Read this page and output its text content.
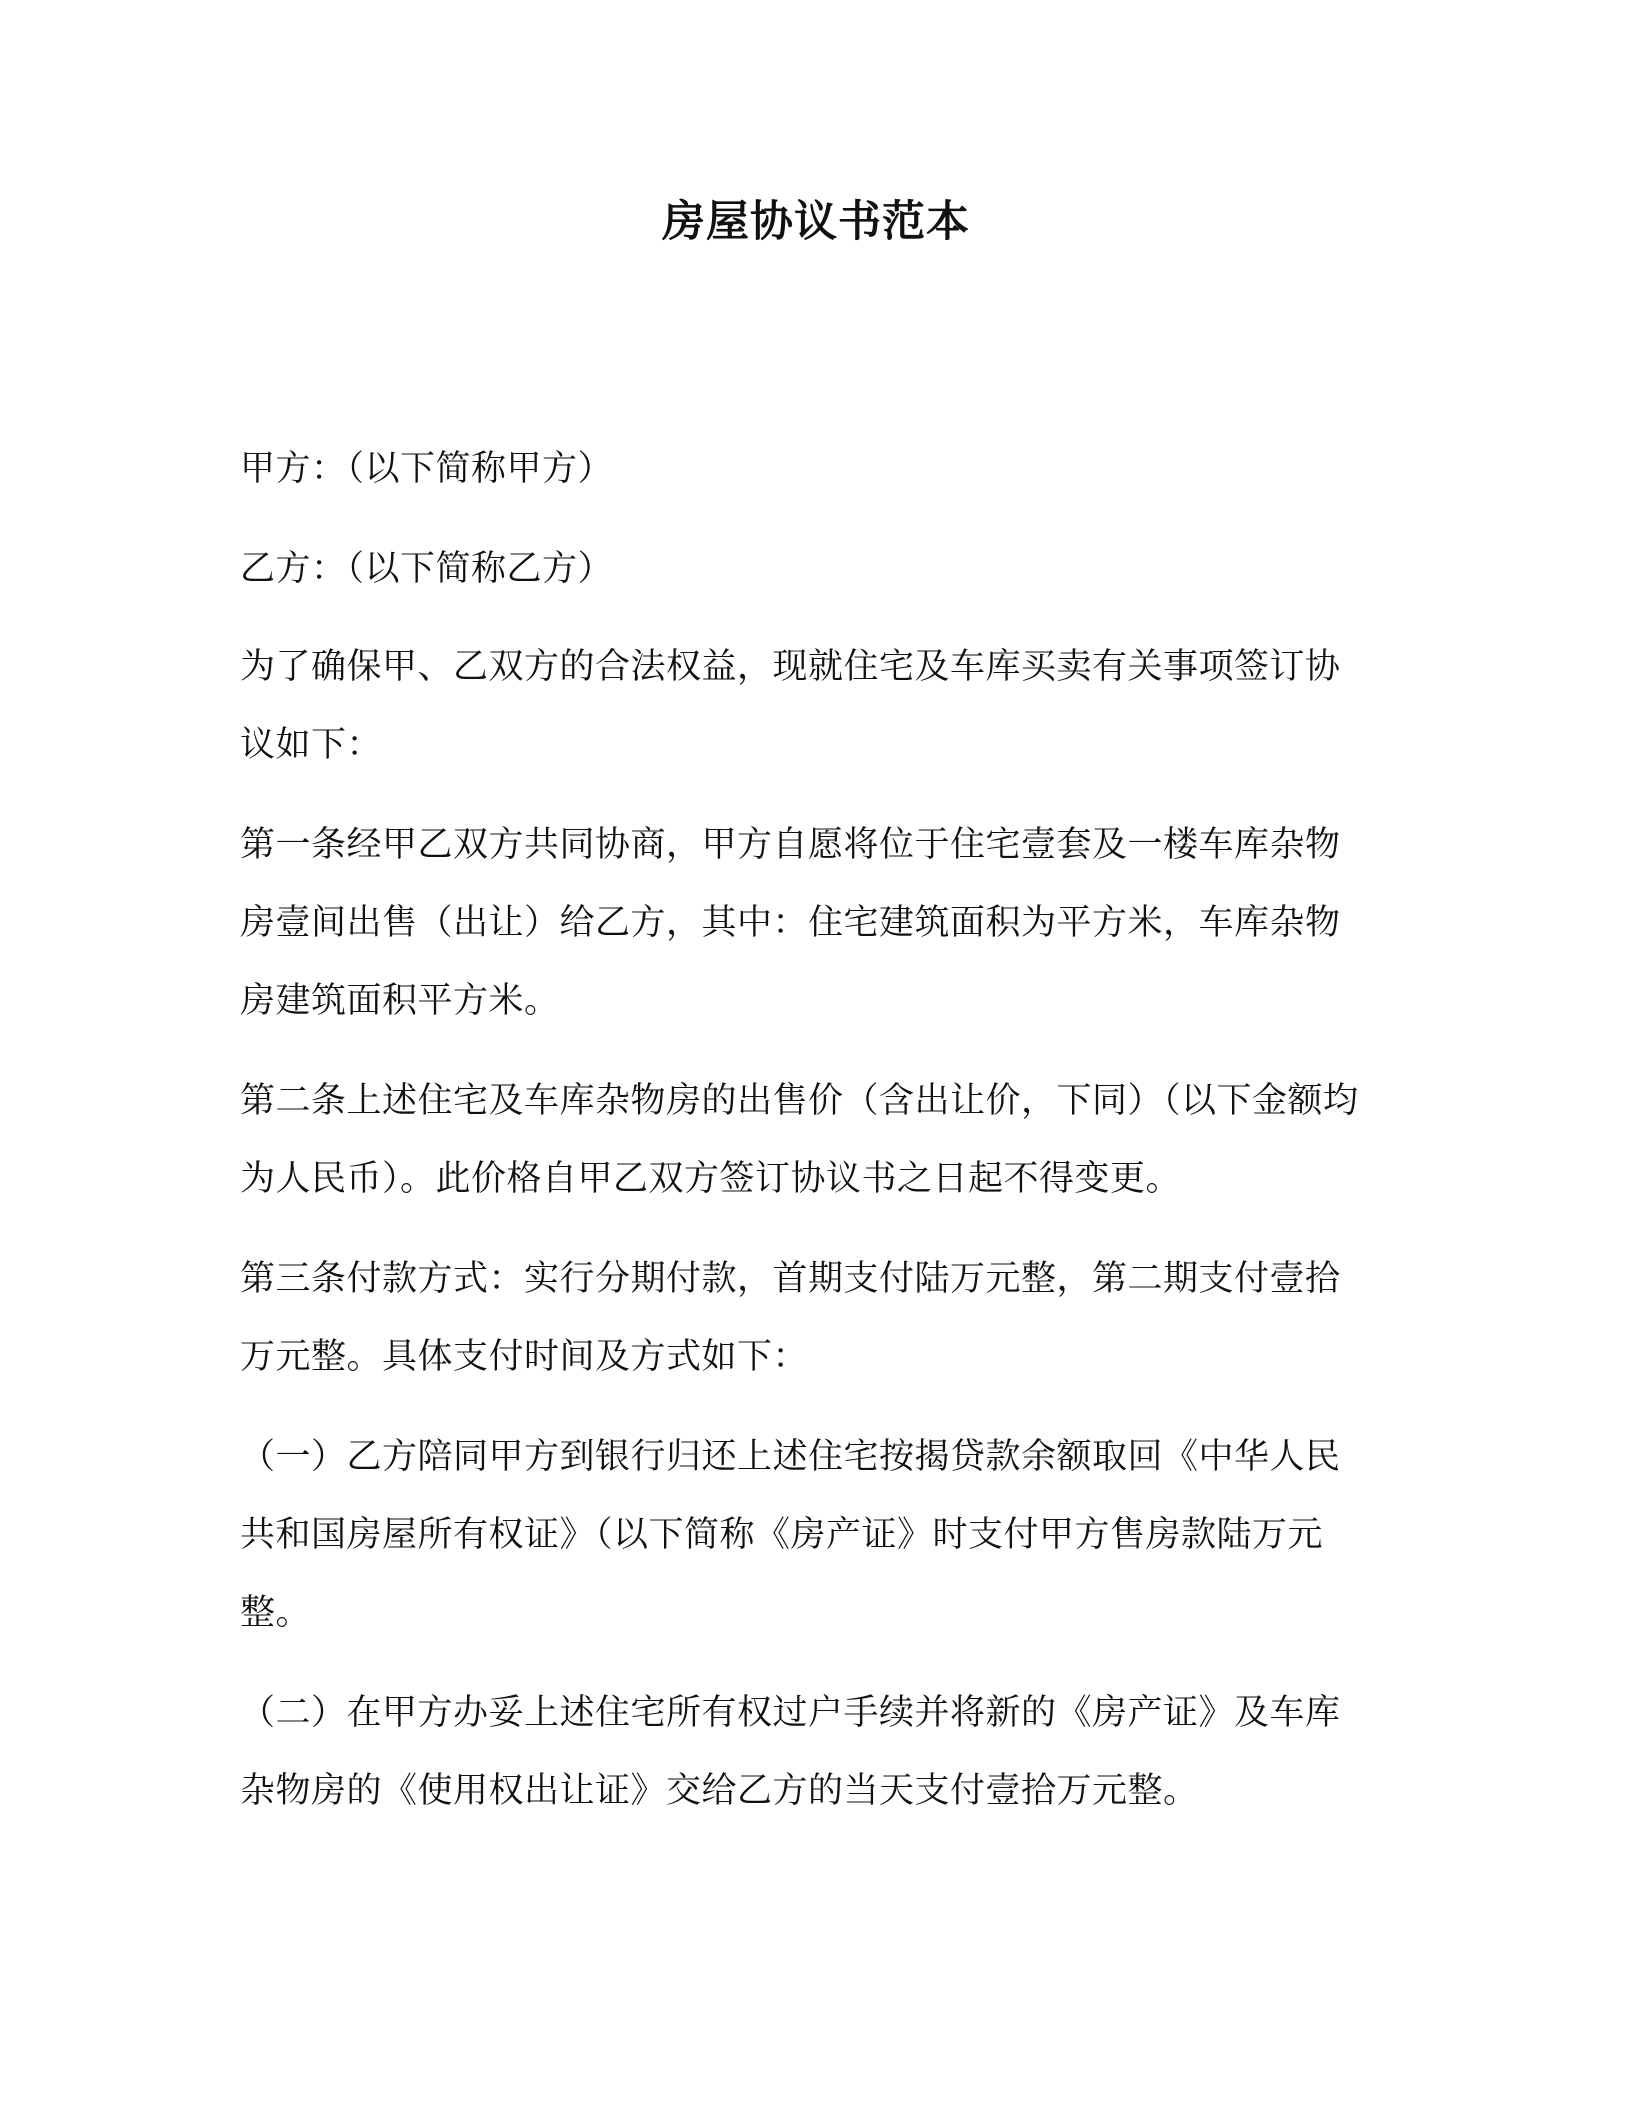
房屋协议书范本

甲方：（以下简称甲方）

乙方：（以下简称乙方）

为了确保甲、乙双方的合法权益，现就住宅及车库买卖有关事项签订协议如下：

第一条经甲乙双方共同协商，甲方自愿将位于住宅壹套及一楼车库杂物房壹间出售（出让）给乙方，其中：住宅建筑面积为平方米，车库杂物房建筑面积平方米。

第二条上述住宅及车库杂物房的出售价（含出让价，下同）（以下金额均为人民币）。此价格自甲乙双方签订协议书之日起不得变更。

第三条付款方式：实行分期付款，首期支付陆万元整，第二期支付壹拾万元整。具体支付时间及方式如下：

（一）乙方陪同甲方到银行归还上述住宅按揭贷款余额取回《中华人民共和国房屋所有权证》（以下简称《房产证》时支付甲方售房款陆万元整。

（二）在甲方办妥上述住宅所有权过户手续并将新的《房产证》及车库杂物房的《使用权出让证》交给乙方的当天支付壹拾万元整。
